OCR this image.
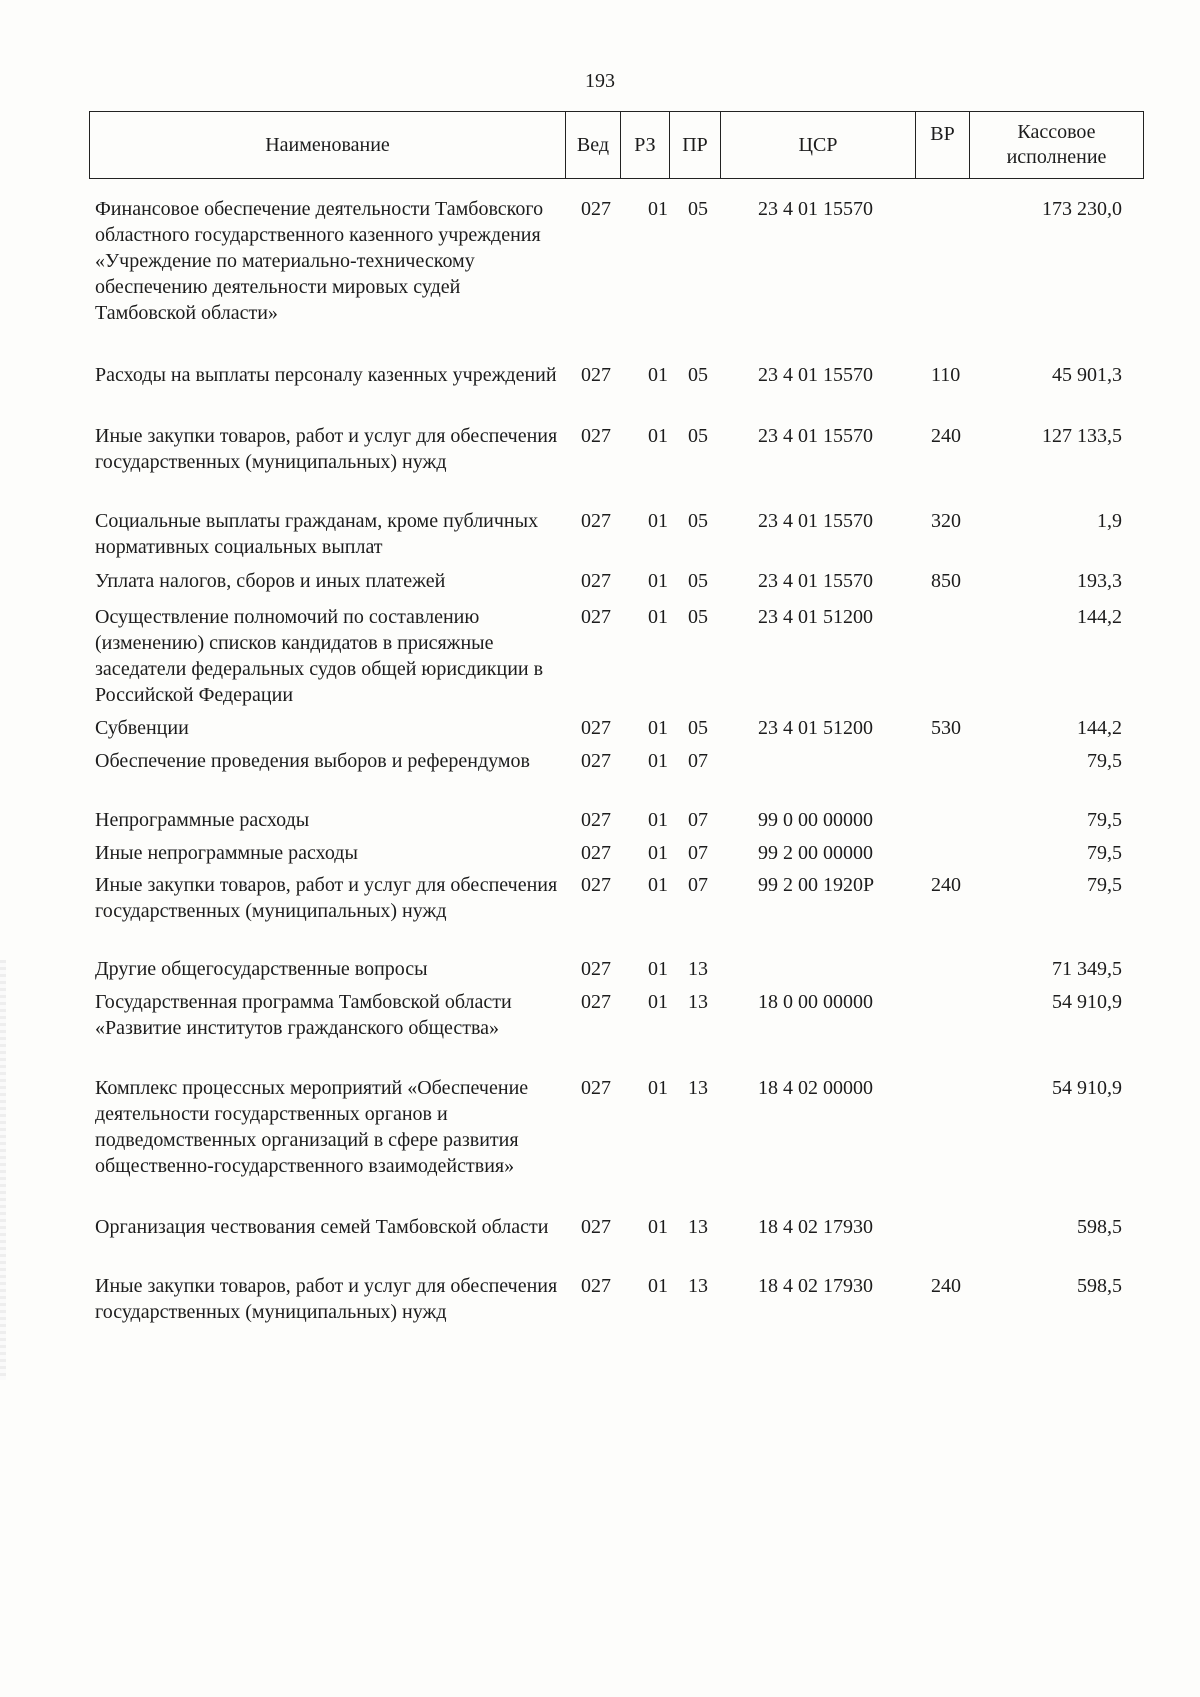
193
Наименование	Вед	РЗ	ПР	ЦСР	ВР	Кассовое исполнение
Финансовое обеспечение деятельности Тамбовского областного государственного казенного учреждения «Учреждение по материально-техническому обеспечению деятельности мировых судей Тамбовской области»
027 01 05	23 4 01 15570	173 230,0
Расходы на выплаты персоналу казенных учреждений	027 01 05	23 4 01 15570	110	45 901,3
Иные закупки товаров, работ и услуг для обеспечения государственных (муниципальных) нужд
027 01 05	23 4 01 15570	240	127 133,5
Социальные выплаты гражданам, кроме публичных нормативных социальных выплат
027 01 05	23 4 01 15570	320	1,9
Уплата налогов, сборов и иных платежей	027 01 05	23 4 01 15570	850	193,3
Осуществление полномочий по составлению (изменению) списков кандидатов в присяжные заседатели федеральных судов общей юрисдикции в Российской Федерации
027 01 05	23 4 01 51200	144,2
Субвенции	027 01 05	23 4 01 51200	530	144,2
Обеспечение проведения выборов и референдумов	027 01 07	79,5
Непрограммные расходы	027 01 07	99 0 00 00000	79,5
Иные непрограммные расходы	027 01 07	99 2 00 00000	79,5
Иные закупки товаров, работ и услуг для обеспечения государственных (муниципальных) нужд
027 01 07	99 2 00 1920Р	240	79,5
Другие общегосударственные вопросы	027 01 13	71 349,5
Государственная программа Тамбовской области «Развитие институтов гражданского общества»
027 01 13	18 0 00 00000	54 910,9
Комплекс процессных мероприятий «Обеспечение деятельности государственных органов и подведомственных организаций в сфере развития общественно-государственного взаимодействия»
027 01 13	18 4 02 00000	54 910,9
Организация чествования семей Тамбовской области	027 01 13	18 4 02 17930	598,5
Иные закупки товаров, работ и услуг для обеспечения государственных (муниципальных) нужд
027 01 13	18 4 02 17930	240	598,5
